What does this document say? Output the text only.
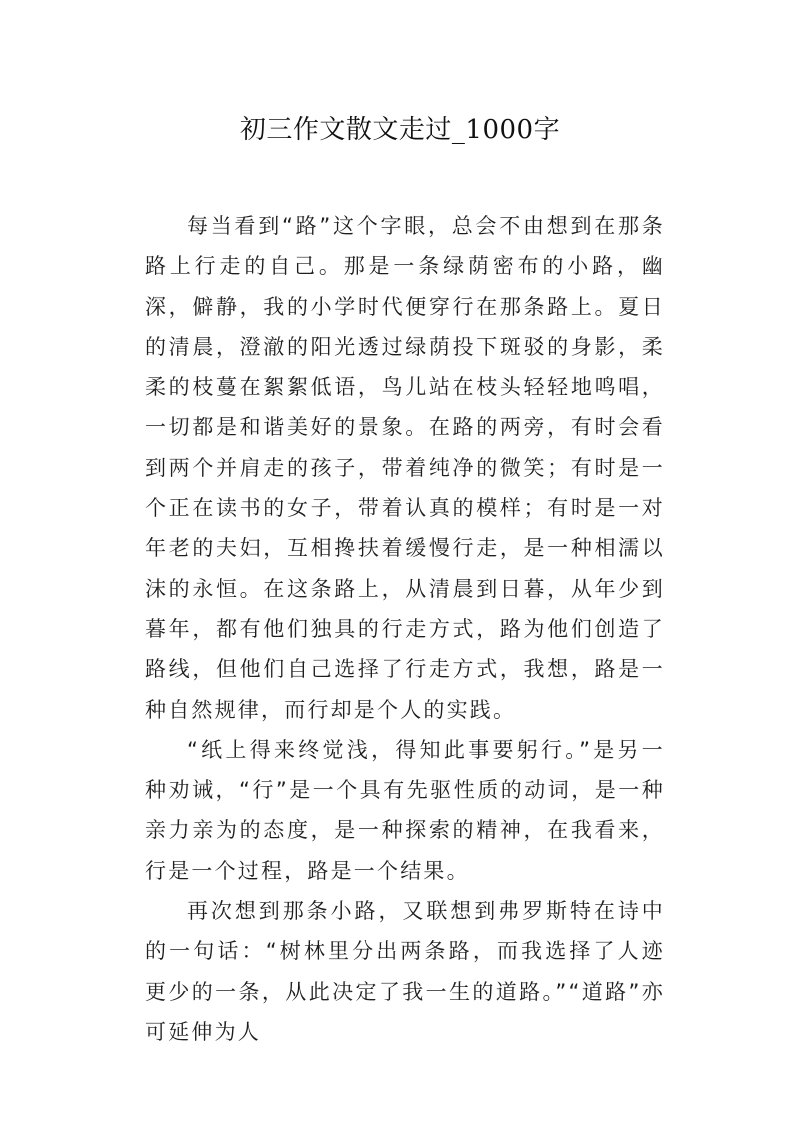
初三作文散文走过_1000字

每当看到“路”这个字眼，总会不由想到在那条路上行走的自己。那是一条绿荫密布的小路，幽深，僻静，我的小学时代便穿行在那条路上。夏日的清晨，澄澈的阳光透过绿荫投下斑驳的身影，柔柔的枝蔓在絮絮低语，鸟儿站在枝头轻轻地鸣唱，一切都是和谐美好的景象。在路的两旁，有时会看到两个并肩走的孩子，带着纯净的微笑；有时是一个正在读书的女子，带着认真的模样；有时是一对年老的夫妇，互相搀扶着缓慢行走，是一种相濡以沫的永恒。在这条路上，从清晨到日暮，从年少到暮年，都有他们独具的行走方式，路为他们创造了路线，但他们自己选择了行走方式，我想，路是一种自然规律，而行却是个人的实践。

“纸上得来终觉浅，得知此事要躬行。”是另一种劝诫，“行”是一个具有先驱性质的动词，是一种亲力亲为的态度，是一种探索的精神，在我看来，行是一个过程，路是一个结果。

再次想到那条小路，又联想到弗罗斯特在诗中的一句话：“树林里分出两条路，而我选择了人迹更少的一条，从此决定了我一生的道路。”“道路”亦可延伸为人
